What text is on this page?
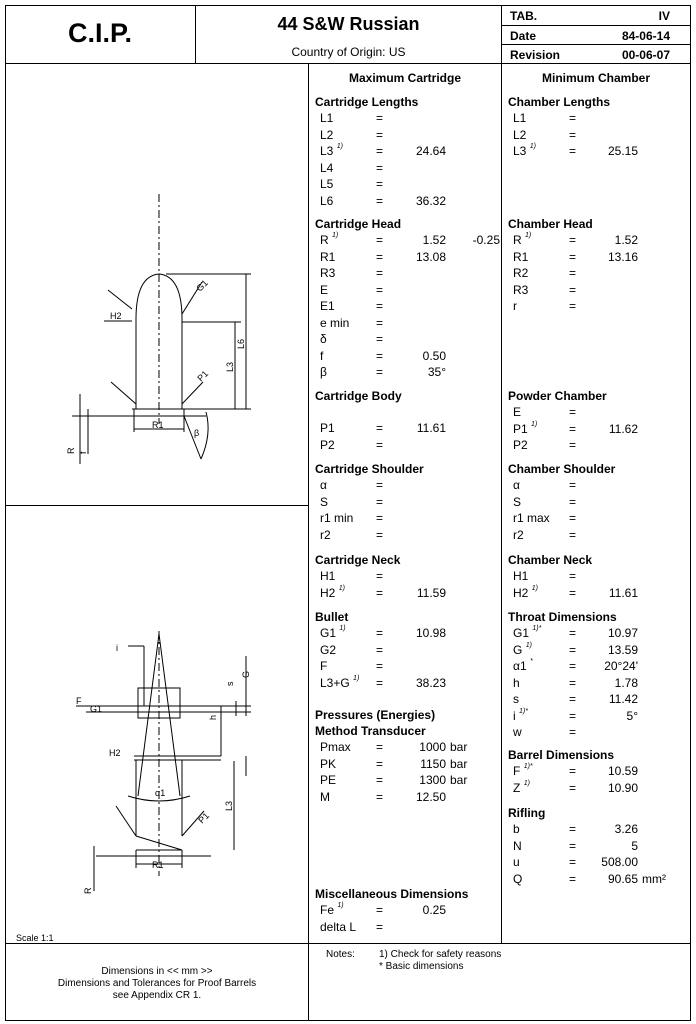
C.I.P.	44 S&W Russian
Country of Origin: US
TAB.	IV
Date	84-06-14
Revision	00-06-07
Maximum Cartridge	Minimum Chamber
Cartridge Lengths
L1	=
L2	=
L3 $^{1)}$	=	24.64
L4	=
L5	=
L6	=	36.32
Cartridge Head
R $^{1)}$	=	1.52	-0.25
R1	=	13.08
R3	=
E	=
E1	=
e min =
δ	=
f	=	0.50
β	=	35°
Cartridge Body
P1	=	11.61
P2	=
Cartridge Shoulder
α	=
S	=
r1 min =
r2	=
Cartridge Neck
H1	=
H2 $^{1)}$	=	11.59
Bullet
G1 $^{1)}$	=	10.98
G2	=
F	=
L3+G $^{1)}$ =	38.23
Pressures (Energies)
Method Transducer
Pmax =	1000 bar
PK	=	1150 bar
PE	=	1300 bar
M	=	12.50
Miscellaneous Dimensions
Fe $^{1)}$	=	0.25
delta L =
Chamber Lengths
L1	=
L2	=
L3 $^{1)}$	=	25.15
Chamber Head
R $^{1)}$	=	1.52
R1	=	13.16
R2	=
R3	=
r	=
Powder Chamber
E	=
P1 $^{1)}$	=	11.62
P2	=
Chamber Shoulder
α	=
S	=
r1 max =
r2	=
Chamber Neck
H1	=
H2 $^{1)}$	=	11.61
Throat Dimensions
G1 $^{1)*}$ =	10.97
G $^{1)}$	=	13.59
α1 *	=	20°24'
h	=	1.78
s	=	11.42
i $^{1)*}$	=	5°
w	=
Barrel Dimensions
F $^{1)*}$	=	10.59
Z $^{1)}$	=	10.90
Rifling
b	=	3.26
N	=	5
u	=	508.00
Q	=	90.65 mm²
G1
H2
L6
L3
P1
R1
β
R f
i
G
s
F
G1
h
H2
α1
L3
P1
R1
R
Scale 1:1
Dimensions in << mm >>
Dimensions and Tolerances for Proof Barrels
see Appendix CR 1.
Notes: 1) Check for safety reasons
* Basic dimensions
